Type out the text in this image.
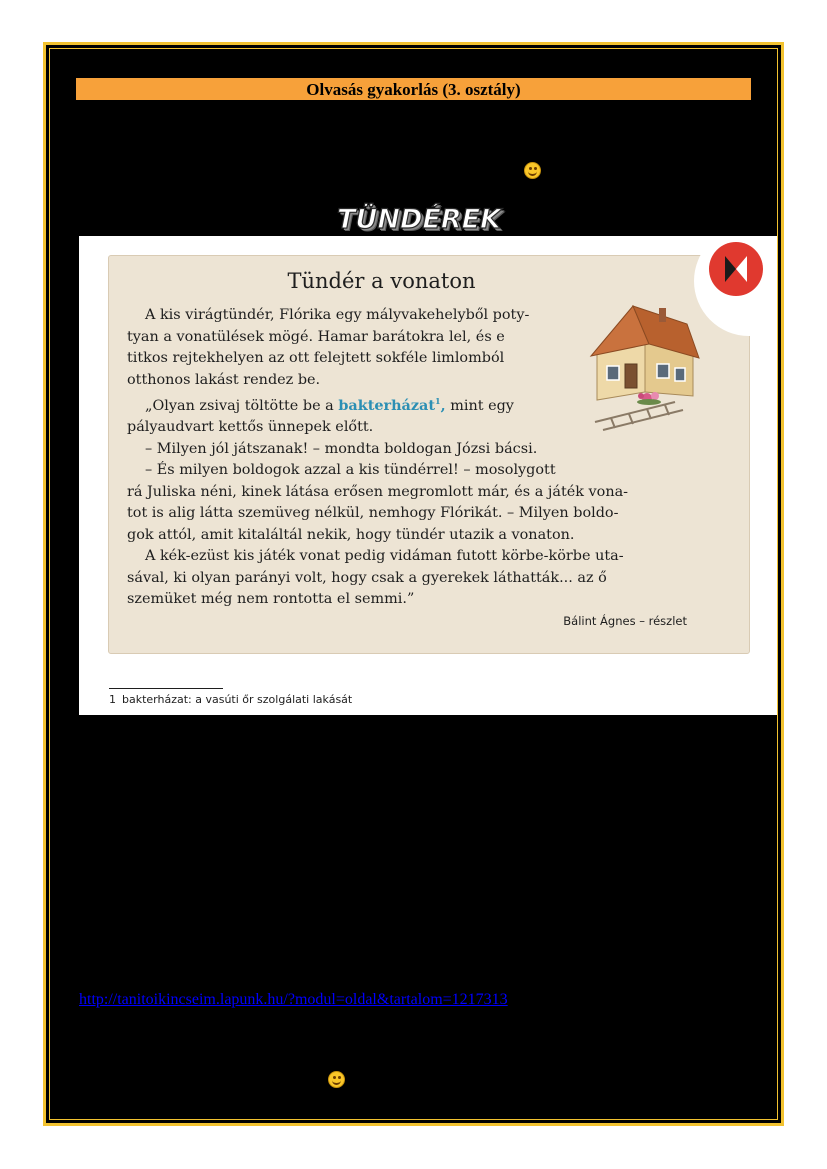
Olvasás gyakorlás (3. osztály)
TÜNDÉREK
Tündér a vonaton

A kis virágtündér, Flórika egy mályvakehelyből poty-

tyan a vonatülések mögé. Hamar barátokra lel, és e

titkos rejtekhelyen az ott felejtett sokféle limlomból

otthonos lakást rendez be.

„Olyan zsivaj töltötte be a bakterházat$^1$, mint egy

pályaudvart kettős ünnepek előtt.

– Milyen jól játszanak! – mondta boldogan Józsi bácsi.

– És milyen boldogok azzal a kis tündérrel! – mosolygott

rá Juliska néni, kinek látása erősen megromlott már, és a játék vona-

tot is alig látta szemüveg nélkül, nemhogy Flórikát. – Milyen boldo-

gok attól, amit kitaláltál nekik, hogy tündér utazik a vonaton.

A kék-ezüst kis játék vonat pedig vidáman futott körbe-körbe uta-

sával, ki olyan parányi volt, hogy csak a gyerekek láthatták... az ő

szemüket még nem rontotta el semmi.”

Bálint Ágnes – részlet
1 bakterházat: a vasúti őr szolgálati lakását
http://tanitoikincseim.lapunk.hu/?modul=oldal&tartalom=1217313
